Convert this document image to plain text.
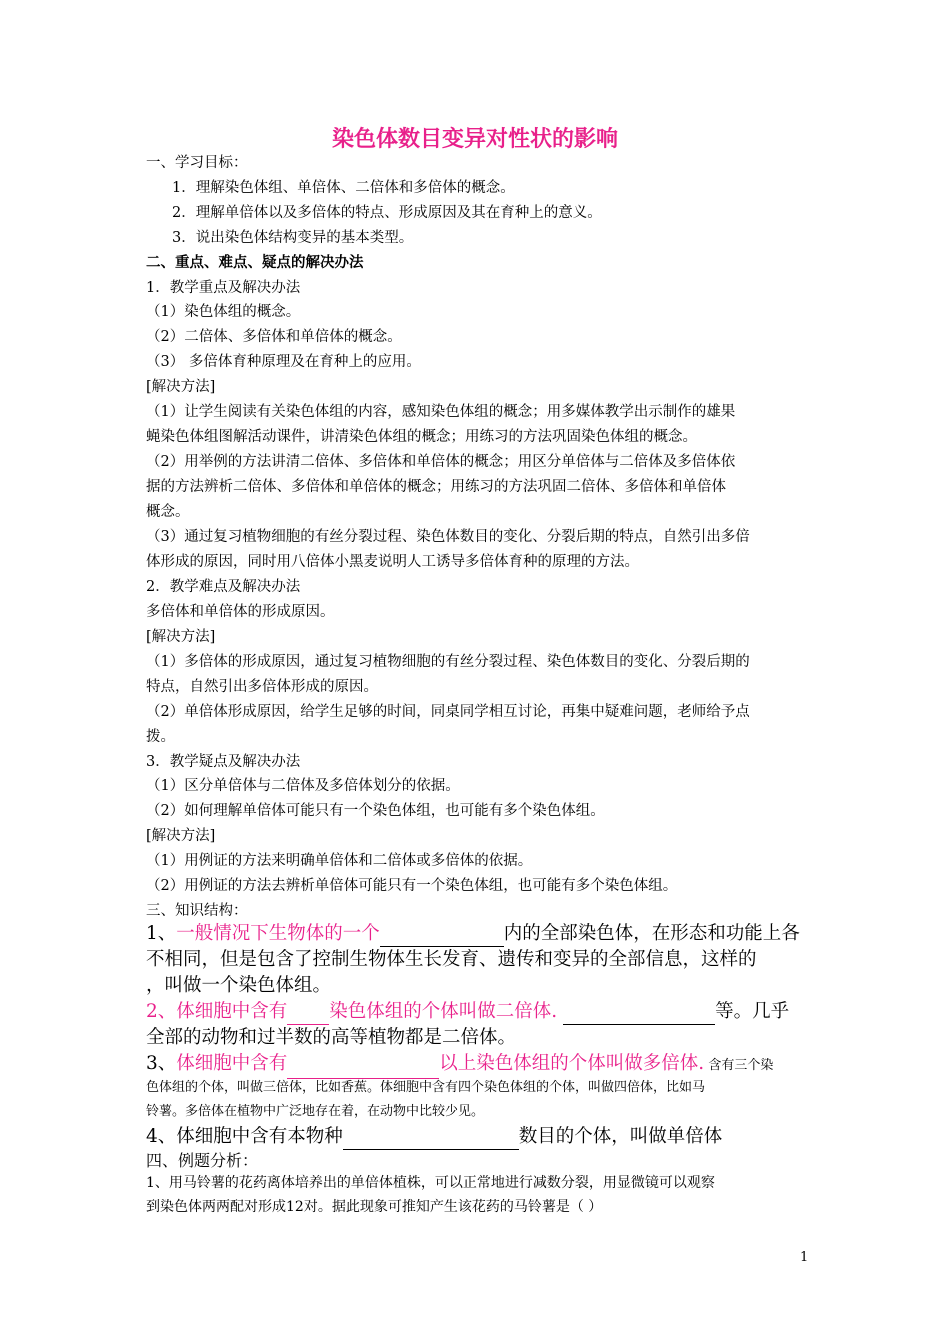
染色体数目变异对性状的影响
一、学习目标：
1．理解染色体组、单倍体、二倍体和多倍体的概念。
2．理解单倍体以及多倍体的特点、形成原因及其在育种上的意义。
3．说出染色体结构变异的基本类型。
二、重点、难点、疑点的解决办法
1．教学重点及解决办法
（1）染色体组的概念。
（2）二倍体、多倍体和单倍体的概念。
（3） 多倍体育种原理及在育种上的应用。
[解决方法]
（1）让学生阅读有关染色体组的内容，感知染色体组的概念；用多媒体教学出示制作的雄果
蝇染色体组图解活动课件，讲清染色体组的概念；用练习的方法巩固染色体组的概念。
（2）用举例的方法讲清二倍体、多倍体和单倍体的概念；用区分单倍体与二倍体及多倍体依
据的方法辨析二倍体、多倍体和单倍体的概念；用练习的方法巩固二倍体、多倍体和单倍体
概念。
（3）通过复习植物细胞的有丝分裂过程、染色体数目的变化、分裂后期的特点，自然引出多倍
体形成的原因，同时用八倍体小黑麦说明人工诱导多倍体育种的原理的方法。
2．教学难点及解决办法
多倍体和单倍体的形成原因。
[解决方法]
（1）多倍体的形成原因，通过复习植物细胞的有丝分裂过程、染色体数目的变化、分裂后期的
特点，自然引出多倍体形成的原因。
（2）单倍体形成原因，给学生足够的时间，同桌同学相互讨论，再集中疑难问题，老师给予点
拨。
3．教学疑点及解决办法
（1）区分单倍体与二倍体及多倍体划分的依据。
（2）如何理解单倍体可能只有一个染色体组，也可能有多个染色体组。
[解决方法]
（1）用例证的方法来明确单倍体和二倍体或多倍体的依据。
（2）用例证的方法去辨析单倍体可能只有一个染色体组，也可能有多个染色体组。
三、知识结构：
1、一般情况下生物体的一个	内的全部染色体，在形态和功能上各
不相同，但是包含了控制生物体生长发育、遗传和变异的全部信息，这样的
，叫做一个染色体组。
2、体细胞中含有 染色体组的个体叫做二倍体.	等。几乎
全部的动物和过半数的高等植物都是二倍体。
3、体细胞中含有	以上染色体组的个体叫做多倍体. 含有三个染
色体组的个体，叫做三倍体，比如香蕉。体细胞中含有四个染色体组的个体，叫做四倍体，比如马
铃薯。多倍体在植物中广泛地存在着，在动物中比较少见。
4、体细胞中含有本物种	数目的个体，叫做单倍体
四、例题分析：
1、用马铃薯的花药离体培养出的单倍体植株，可以正常地进行减数分裂，用显微镜可以观察
到染色体两两配对形成12对。据此现象可推知产生该花药的马铃薯是（ ）
1
